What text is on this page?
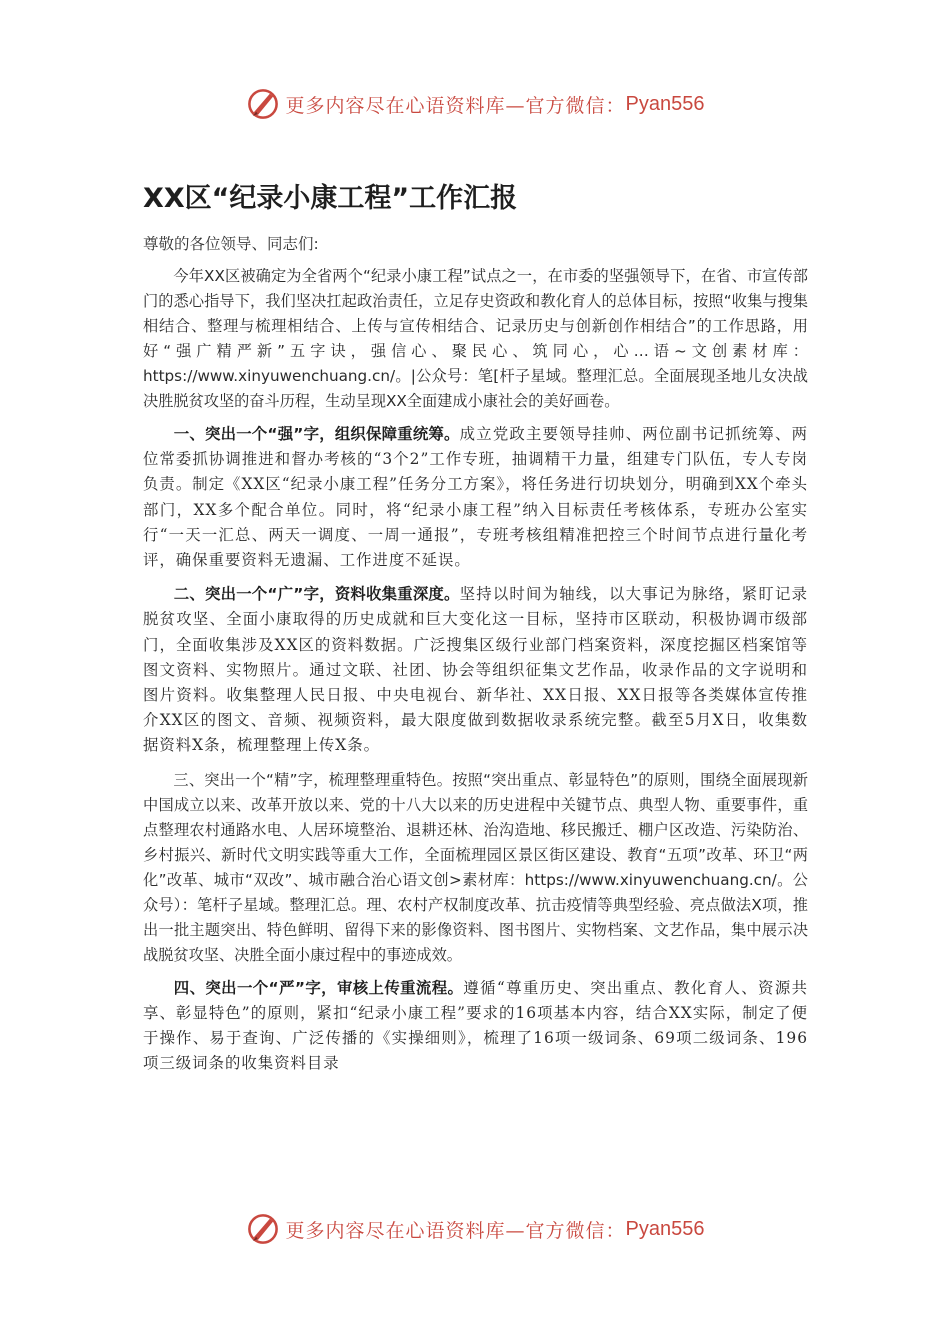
更多内容尽在心语资料库—官方微信： Pyan556
XX区“纪录小康工程”工作汇报

尊敬的各位领导、同志们:

今年XX区被确定为全省两个“纪录小康工程”试点之一，在市委的坚强领导下，在省、市宣传部门的悉心指导下，我们坚决扛起政治责任，立足存史资政和教化育人的总体目标，按照“收集与搜集相结合、整理与梳理相结合、上传与宣传相结合、记录历史与创新创作相结合”的工作思路，用好“强广精严新”五字诀，强信心、聚民心、筑同心，心…语~文创素材库：https://www.xinyuwenchuang.cn/。|公众号：笔[杆子星域。整理汇总。全面展现圣地儿女决战决胜脱贫攻坚的奋斗历程，生动呈现XX全面建成小康社会的美好画卷。

一、突出一个“强”字，组织保障重统筹。成立党政主要领导挂帅、两位副书记抓统筹、两位常委抓协调推进和督办考核的“3个2”工作专班，抽调精干力量，组建专门队伍，专人专岗负责。制定《XX区“纪录小康工程”任务分工方案》，将任务进行切块划分，明确到XX个牵头部门，XX多个配合单位。同时，将“纪录小康工程”纳入目标责任考核体系，专班办公室实行“一天一汇总、两天一调度、一周一通报”，专班考核组精准把控三个时间节点进行量化考评，确保重要资料无遗漏、工作进度不延误。

二、突出一个“广”字，资料收集重深度。坚持以时间为轴线，以大事记为脉络，紧盯记录脱贫攻坚、全面小康取得的历史成就和巨大变化这一目标，坚持市区联动，积极协调市级部门，全面收集涉及XX区的资料数据。广泛搜集区级行业部门档案资料，深度挖掘区档案馆等图文资料、实物照片。通过文联、社团、协会等组织征集文艺作品，收录作品的文字说明和图片资料。收集整理人民日报、中央电视台、新华社、XX日报、XX日报等各类媒体宣传推介XX区的图文、音频、视频资料，最大限度做到数据收录系统完整。截至5月X日，收集数据资料X条，梳理整理上传X条。

三、突出一个“精”字，梳理整理重特色。按照“突出重点、彰显特色”的原则，围绕全面展现新中国成立以来、改革开放以来、党的十八大以来的历史进程中关键节点、典型人物、重要事件，重点整理农村通路水电、人居环境整治、退耕还林、治沟造地、移民搬迁、棚户区改造、污染防治、乡村振兴、新时代文明实践等重大工作，全面梳理园区景区街区建设、教育“五项”改革、环卫“两化”改革、城市“双改”、城市融合治心语文创>素材库：https://www.xinyuwenchuang.cn/。公众号）：笔杆子星域。整理汇总。理、农村产权制度改革、抗击疫情等典型经验、亮点做法X项，推出一批主题突出、特色鲜明、留得下来的影像资料、图书图片、实物档案、文艺作品，集中展示决战脱贫攻坚、决胜全面小康过程中的事迹成效。

四、突出一个“严”字，审核上传重流程。遵循“尊重历史、突出重点、教化育人、资源共享、彰显特色”的原则，紧扣“纪录小康工程”要求的16项基本内容，结合XX实际，制定了便于操作、易于查询、广泛传播的《实操细则》，梳理了16项一级词条、69项二级词条、196项三级词条的收集资料目录

更多内容尽在心语资料库—官方微信： Pyan556
